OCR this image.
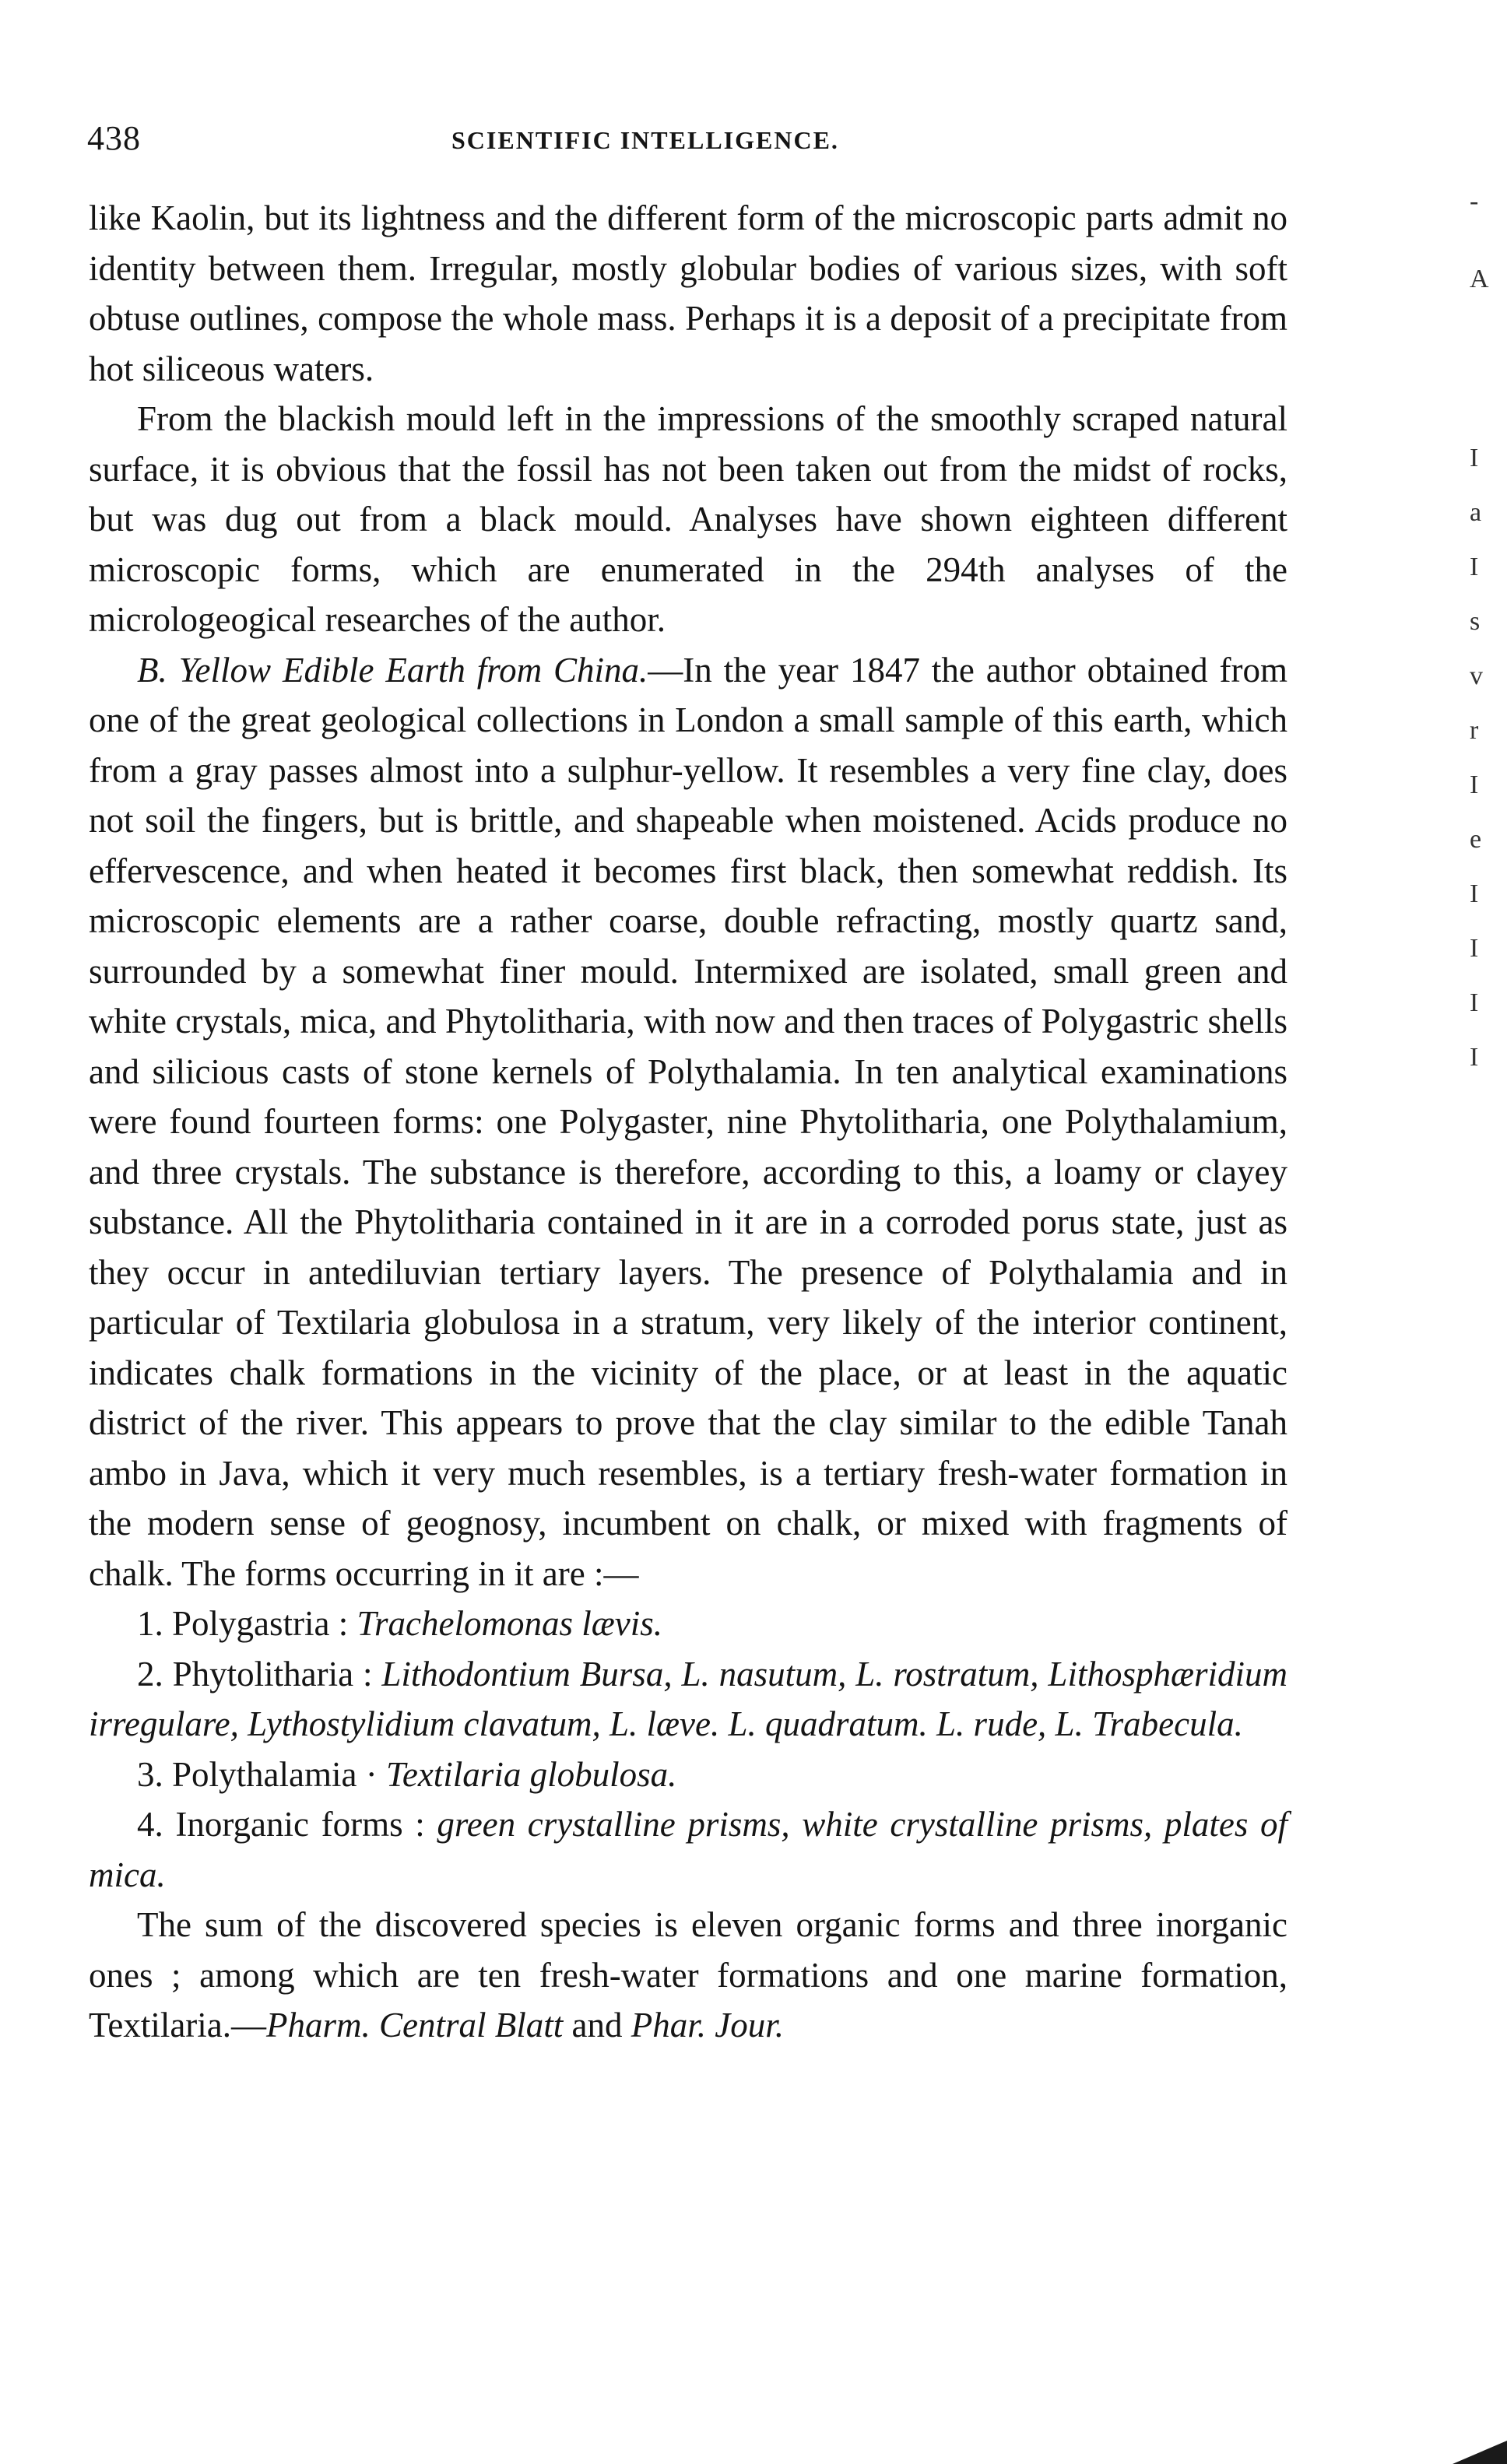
438	SCIENTIFIC INTELLIGENCE.

like Kaolin, but its lightness and the different form of the microscopic parts admit no identity between them. Irregular, mostly globular bodies of various sizes, with soft obtuse outlines, compose the whole mass. Perhaps it is a deposit of a precipitate from hot siliceous waters.

From the blackish mould left in the impressions of the smoothly scraped natural surface, it is obvious that the fossil has not been taken out from the midst of rocks, but was dug out from a black mould. Analyses have shown eighteen different microscopic forms, which are enumerated in the 294th analyses of the micrologeogical researches of the author.

B. Yellow Edible Earth from China.—In the year 1847 the author obtained from one of the great geological collections in London a small sample of this earth, which from a gray passes almost into a sulphur-yellow. It resembles a very fine clay, does not soil the fingers, but is brittle, and shapeable when moistened. Acids produce no effervescence, and when heated it becomes first black, then somewhat reddish. Its microscopic elements are a rather coarse, double refracting, mostly quartz sand, surrounded by a somewhat finer mould. Intermixed are isolated, small green and white crystals, mica, and Phytolitharia, with now and then traces of Polygastric shells and silicious casts of stone kernels of Polythalamia. In ten analytical examinations were found fourteen forms: one Polygaster, nine Phytolitharia, one Polythalamium, and three crystals. The substance is therefore, according to this, a loamy or clayey substance. All the Phytolitharia contained in it are in a corroded porus state, just as they occur in antediluvian tertiary layers. The presence of Polythalamia and in particular of Textilaria globulosa in a stratum, very likely of the interior continent, indicates chalk formations in the vicinity of the place, or at least in the aquatic district of the river. This appears to prove that the clay similar to the edible Tanah ambo in Java, which it very much resembles, is a tertiary fresh-water formation in the modern sense of geognosy, incumbent on chalk, or mixed with fragments of chalk. The forms occurring in it are :—

1. Polygastria : Trachelomonas lævis.

2. Phytolitharia : Lithodontium Bursa, L. nasutum, L. rostratum, Lithosphæridium irregulare, Lythostylidium clavatum, L. læve. L. quadratum. L. rude, L. Trabecula.

3. Polythalamia · Textilaria globulosa.

4. Inorganic forms : green crystalline prisms, white crystalline prisms, plates of mica.

The sum of the discovered species is eleven organic forms and three inorganic ones ; among which are ten fresh-water formations and one marine formation, Textilaria.—Pharm. Central Blatt and Phar. Jour.

-
A
I
a
I
s
v
r
I
e
I
I
I
I
